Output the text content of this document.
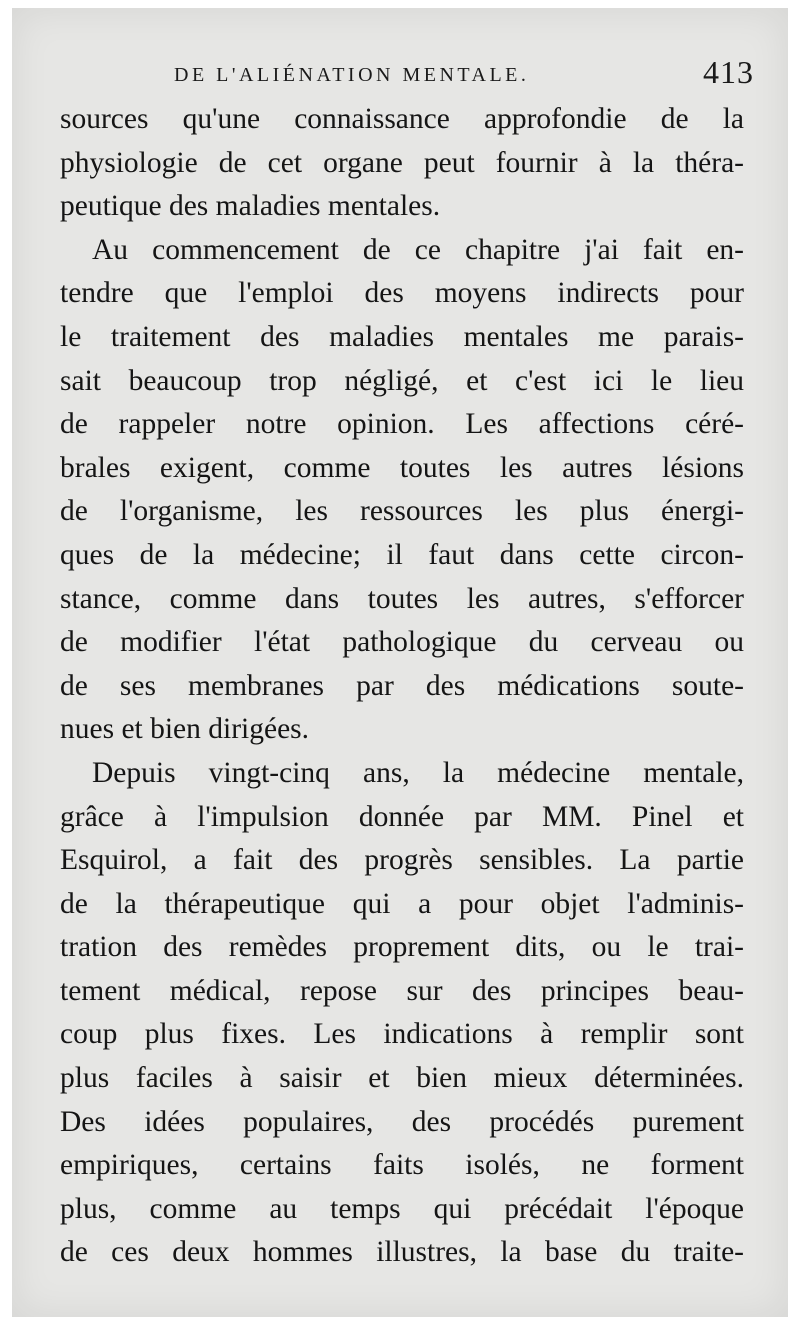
DE L'ALIÉNATION MENTALE.	413
sources qu'une connaissance approfondie de la
physiologie de cet organe peut fournir à la théra-
peutique des maladies mentales.
Au commencement de ce chapitre j'ai fait en-
tendre que l'emploi des moyens indirects pour
le traitement des maladies mentales me parais-
sait beaucoup trop négligé, et c'est ici le lieu
de rappeler notre opinion. Les affections céré-
brales exigent, comme toutes les autres lésions
de l'organisme, les ressources les plus énergi-
ques de la médecine; il faut dans cette circon-
stance, comme dans toutes les autres, s'efforcer
de modifier l'état pathologique du cerveau ou
de ses membranes par des médications soute-
nues et bien dirigées.
Depuis vingt-cinq ans, la médecine mentale,
grâce à l'impulsion donnée par MM. Pinel et
Esquirol, a fait des progrès sensibles. La partie
de la thérapeutique qui a pour objet l'adminis-
tration des remèdes proprement dits, ou le trai-
tement médical, repose sur des principes beau-
coup plus fixes. Les indications à remplir sont
plus faciles à saisir et bien mieux déterminées.
Des idées populaires, des procédés purement
empiriques, certains faits isolés, ne forment
plus, comme au temps qui précédait l'époque
de ces deux hommes illustres, la base du traite-
